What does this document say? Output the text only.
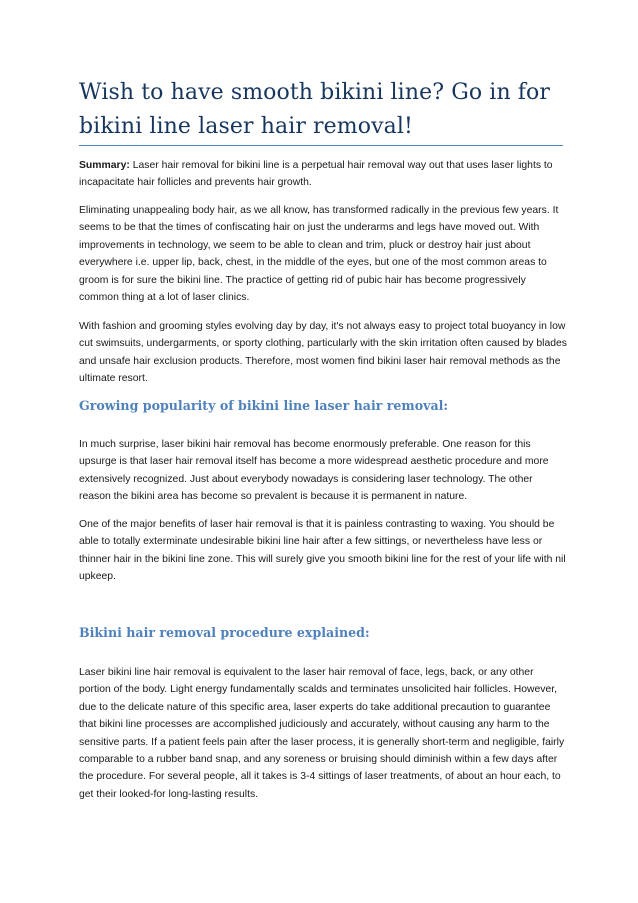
Wish to have smooth bikini line? Go in for bikini line laser hair removal!

Summary: Laser hair removal for bikini line is a perpetual hair removal way out that uses laser lights to incapacitate hair follicles and prevents hair growth.

Eliminating unappealing body hair, as we all know, has transformed radically in the previous few years. It seems to be that the times of confiscating hair on just the underarms and legs have moved out. With improvements in technology, we seem to be able to clean and trim, pluck or destroy hair just about everywhere i.e. upper lip, back, chest, in the middle of the eyes, but one of the most common areas to groom is for sure the bikini line. The practice of getting rid of pubic hair has become progressively common thing at a lot of laser clinics.

With fashion and grooming styles evolving day by day, it's not always easy to project total buoyancy in low cut swimsuits, undergarments, or sporty clothing, particularly with the skin irritation often caused by blades and unsafe hair exclusion products. Therefore, most women find bikini laser hair removal methods as the ultimate resort.

Growing popularity of bikini line laser hair removal:

In much surprise, laser bikini hair removal has become enormously preferable. One reason for this upsurge is that laser hair removal itself has become a more widespread aesthetic procedure and more extensively recognized. Just about everybody nowadays is considering laser technology. The other reason the bikini area has become so prevalent is because it is permanent in nature.

One of the major benefits of laser hair removal is that it is painless contrasting to waxing. You should be able to totally exterminate undesirable bikini line hair after a few sittings, or nevertheless have less or thinner hair in the bikini line zone. This will surely give you smooth bikini line for the rest of your life with nil upkeep.

Bikini hair removal procedure explained:

Laser bikini line hair removal is equivalent to the laser hair removal of face, legs, back, or any other portion of the body. Light energy fundamentally scalds and terminates unsolicited hair follicles. However, due to the delicate nature of this specific area, laser experts do take additional precaution to guarantee that bikini line processes are accomplished judiciously and accurately, without causing any harm to the sensitive parts. If a patient feels pain after the laser process, it is generally short-term and negligible, fairly comparable to a rubber band snap, and any soreness or bruising should diminish within a few days after the procedure. For several people, all it takes is 3-4 sittings of laser treatments, of about an hour each, to get their looked-for long-lasting results.
